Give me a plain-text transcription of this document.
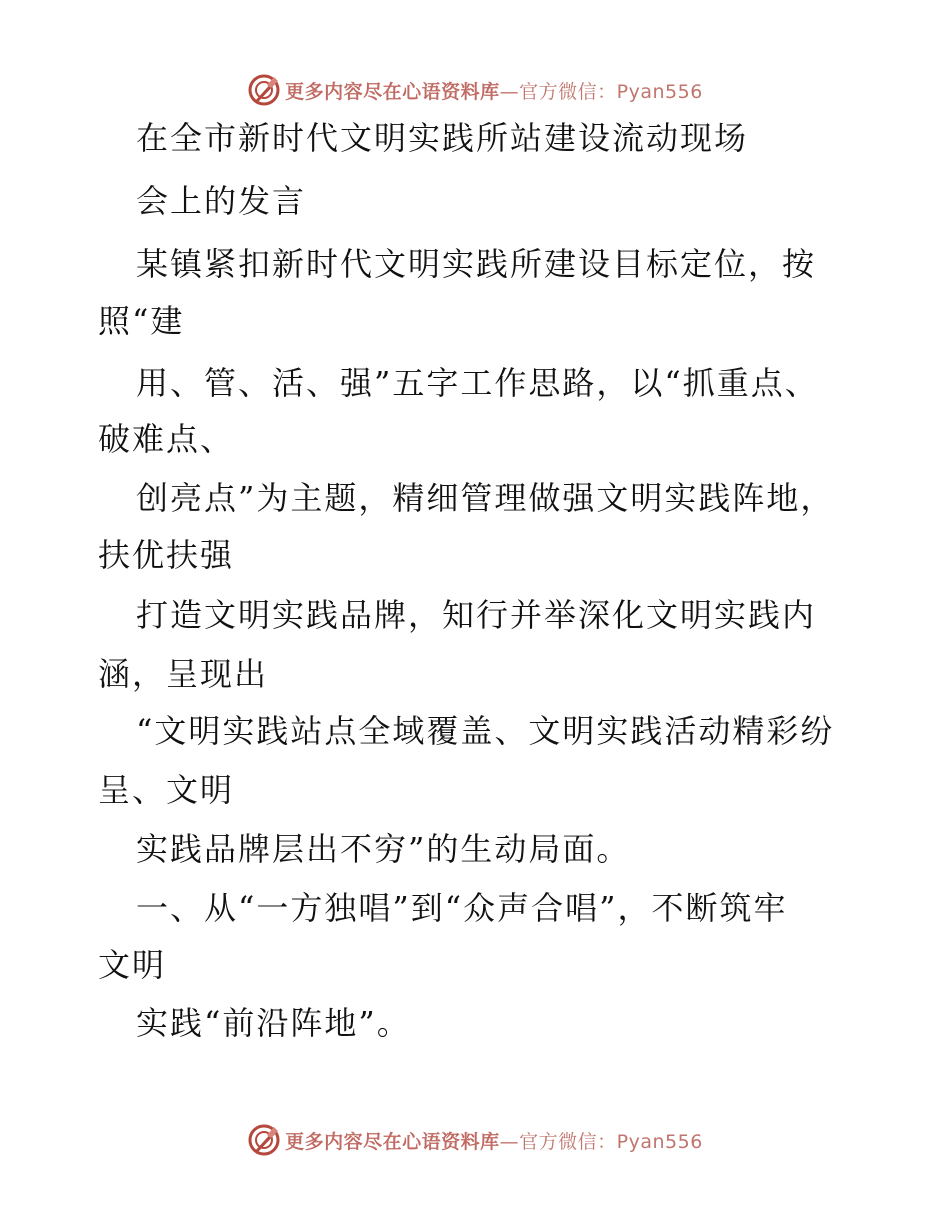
更多内容尽在心语资料库—官方微信：Pyan556
在全市新时代文明实践所站建设流动现场
会上的发言
某镇紧扣新时代文明实践所建设目标定位，按
照“建
用、管、活、强”五字工作思路，以“抓重点、
破难点、
创亮点”为主题，精细管理做强文明实践阵地，
扶优扶强
打造文明实践品牌，知行并举深化文明实践内
涵，呈现出
“文明实践站点全域覆盖、文明实践活动精彩纷
呈、文明
实践品牌层出不穷”的生动局面。
一、从“一方独唱”到“众声合唱”，不断筑牢
文明
实践“前沿阵地”。
更多内容尽在心语资料库—官方微信：Pyan556
